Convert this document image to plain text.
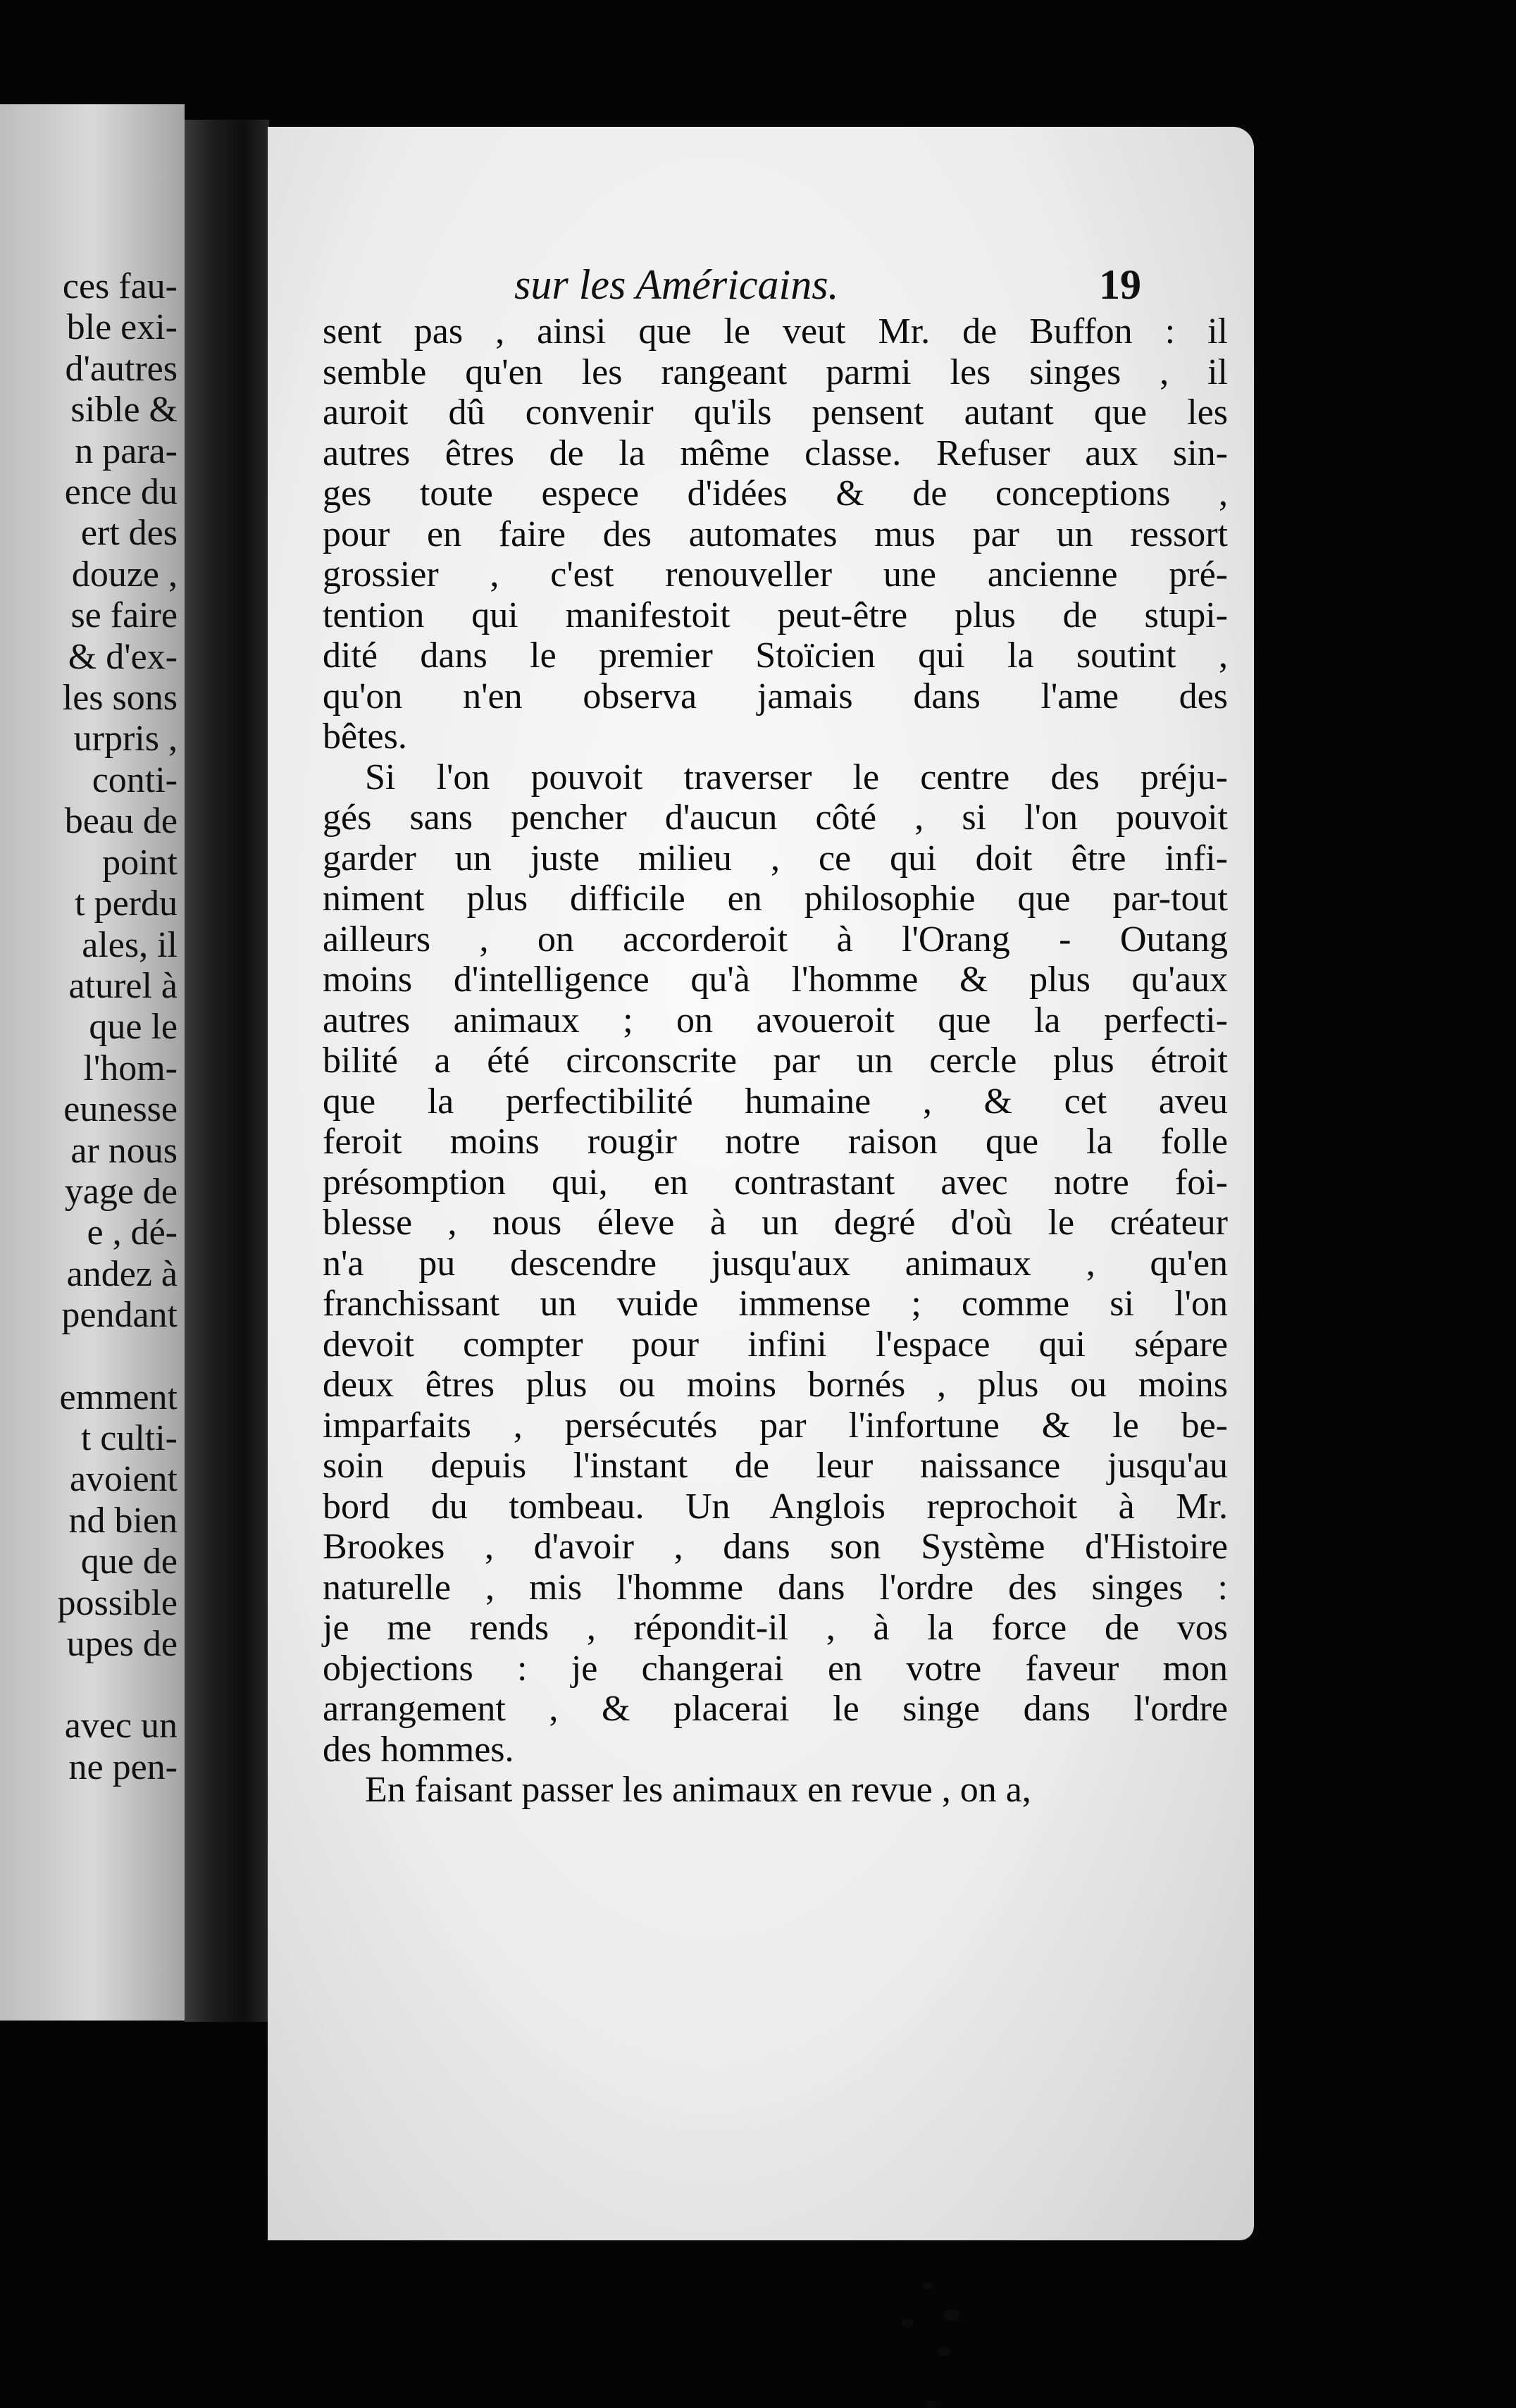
ces fau-
ble exi-
d'autres
sible &
n para-
ence du
ert des
douze ,
se faire
& d'ex-
les sons
urpris ,
conti-
beau de
point
t perdu
ales, il
aturel à
que le
l'hom-
eunesse
ar nous
yage de
e , dé-
andez à
pendant
emment
t culti-
avoient
nd bien
que de
possible
upes de
avec un
ne pen-
sur les Américains.	19
sent pas , ainsi que le veut Mr. de Buffon : il
semble qu'en les rangeant parmi les singes , il
auroit dû convenir qu'ils pensent autant que les
autres êtres de la même classe. Refuser aux sin-
ges toute espece d'idées & de conceptions ,
pour en faire des automates mus par un ressort
grossier , c'est renouveller une ancienne pré-
tention qui manifestoit peut-être plus de stupi-
dité dans le premier Stoïcien qui la soutint ,
qu'on n'en observa jamais dans l'ame des
bêtes.
Si l'on pouvoit traverser le centre des préju-
gés sans pencher d'aucun côté , si l'on pouvoit
garder un juste milieu , ce qui doit être infi-
niment plus difficile en philosophie que par-tout
ailleurs , on accorderoit à l'Orang - Outang
moins d'intelligence qu'à l'homme & plus qu'aux
autres animaux ; on avoueroit que la perfecti-
bilité a été circonscrite par un cercle plus étroit
que la perfectibilité humaine , & cet aveu
feroit moins rougir notre raison que la folle
présomption qui, en contrastant avec notre foi-
blesse , nous éleve à un degré d'où le créateur
n'a pu descendre jusqu'aux animaux , qu'en
franchissant un vuide immense ; comme si l'on
devoit compter pour infini l'espace qui sépare
deux êtres plus ou moins bornés , plus ou moins
imparfaits , persécutés par l'infortune & le be-
soin depuis l'instant de leur naissance jusqu'au
bord du tombeau. Un Anglois reprochoit à Mr.
Brookes , d'avoir , dans son Système d'Histoire
naturelle , mis l'homme dans l'ordre des singes :
je me rends , répondit-il , à la force de vos
objections : je changerai en votre faveur mon
arrangement , & placerai le singe dans l'ordre
des hommes.
En faisant passer les animaux en revue , on a,
